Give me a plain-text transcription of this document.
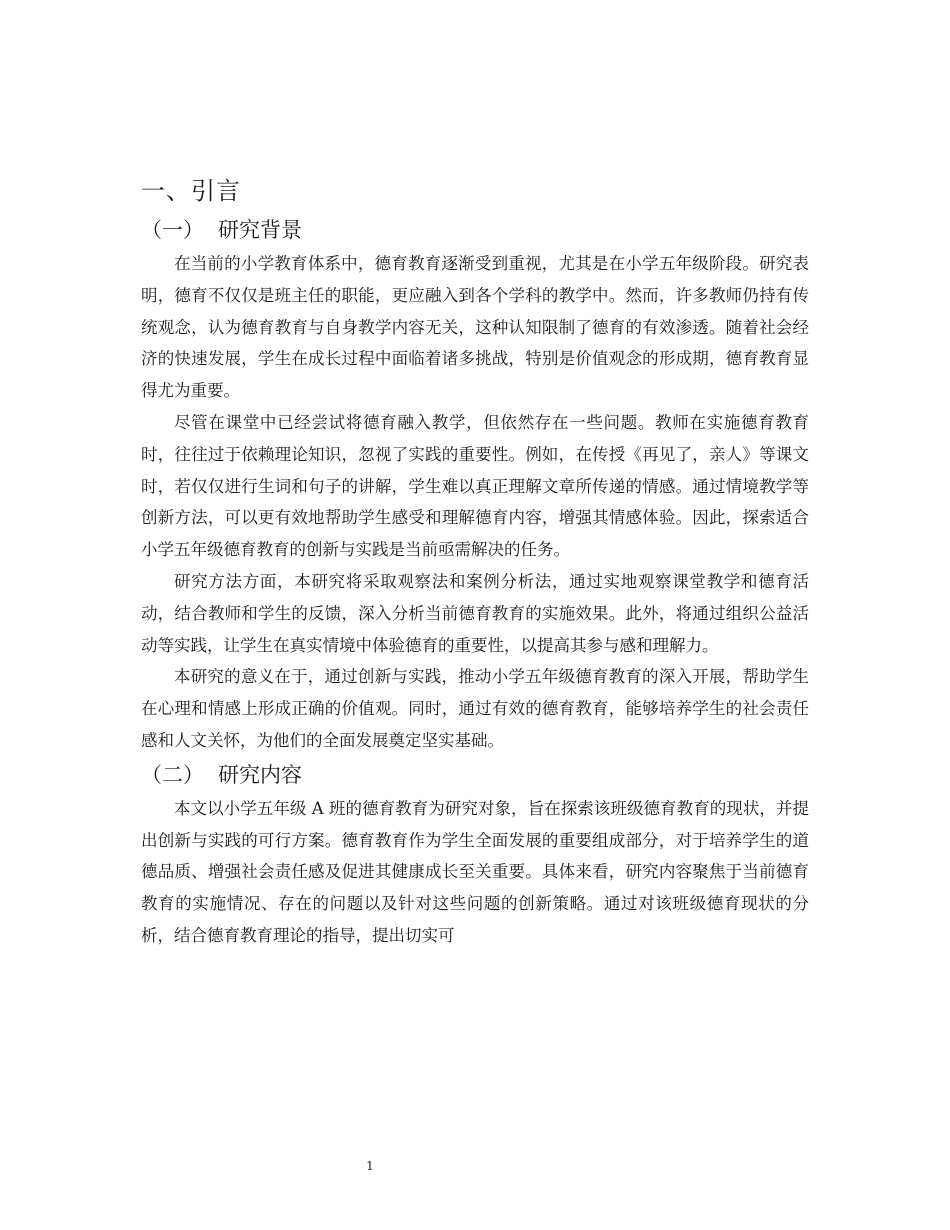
一、引言
（一） 研究背景

在当前的小学教育体系中，德育教育逐渐受到重视，尤其是在小学五年级阶段。研究表明，德育不仅仅是班主任的职能，更应融入到各个学科的教学中。然而，许多教师仍持有传统观念，认为德育教育与自身教学内容无关，这种认知限制了德育的有效渗透。随着社会经济的快速发展，学生在成长过程中面临着诸多挑战，特别是价值观念的形成期，德育教育显得尤为重要。

尽管在课堂中已经尝试将德育融入教学，但依然存在一些问题。教师在实施德育教育时，往往过于依赖理论知识，忽视了实践的重要性。例如，在传授《再见了，亲人》等课文时，若仅仅进行生词和句子的讲解，学生难以真正理解文章所传递的情感。通过情境教学等创新方法，可以更有效地帮助学生感受和理解德育内容，增强其情感体验。因此，探索适合小学五年级德育教育的创新与实践是当前亟需解决的任务。

研究方法方面，本研究将采取观察法和案例分析法，通过实地观察课堂教学和德育活动，结合教师和学生的反馈，深入分析当前德育教育的实施效果。此外，将通过组织公益活动等实践，让学生在真实情境中体验德育的重要性，以提高其参与感和理解力。

本研究的意义在于，通过创新与实践，推动小学五年级德育教育的深入开展，帮助学生在心理和情感上形成正确的价值观。同时，通过有效的德育教育，能够培养学生的社会责任感和人文关怀，为他们的全面发展奠定坚实基础。

（二） 研究内容

本文以小学五年级 A 班的德育教育为研究对象，旨在探索该班级德育教育的现状，并提出创新与实践的可行方案。德育教育作为学生全面发展的重要组成部分，对于培养学生的道德品质、增强社会责任感及促进其健康成长至关重要。具体来看，研究内容聚焦于当前德育教育的实施情况、存在的问题以及针对这些问题的创新策略。通过对该班级德育现状的分析，结合德育教育理论的指导，提出切实可

1
